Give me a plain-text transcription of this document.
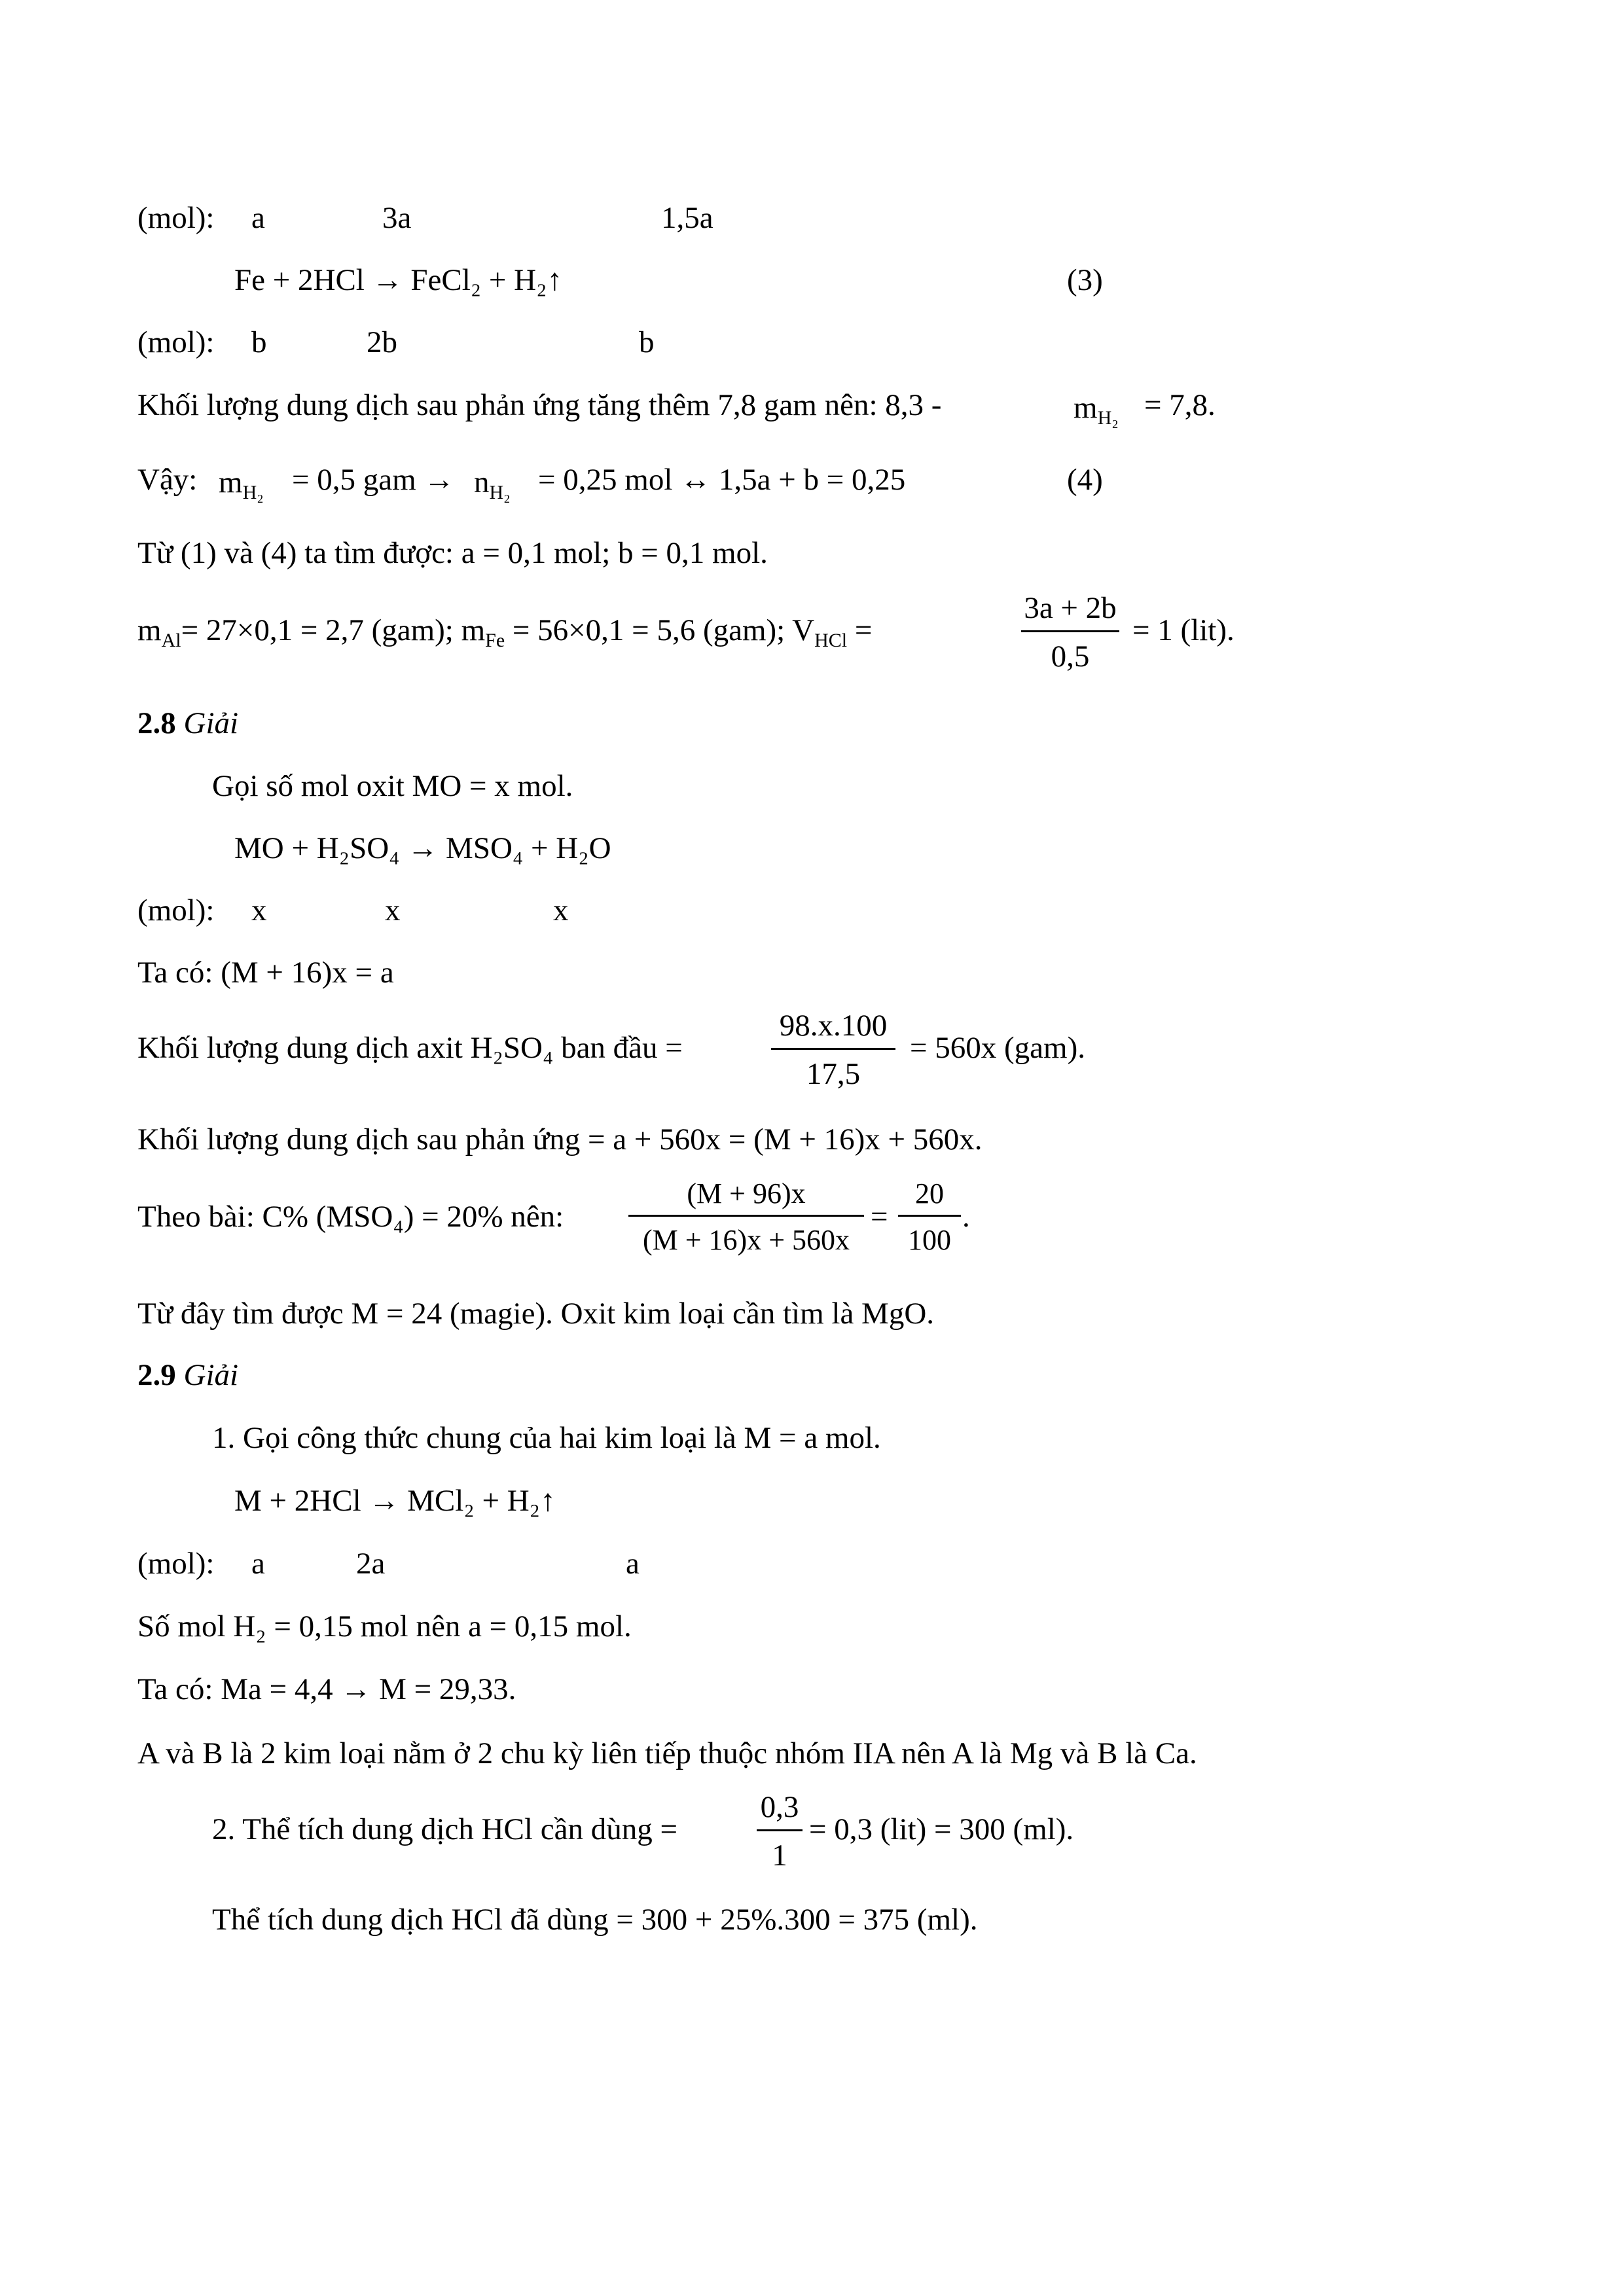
(mol): a	3a	1,5a
Fe + 2HCl → FeCl₂ + H₂↑	(3)
(mol): b	2b	b
Khối lượng dung dịch sau phản ứng tăng thêm 7,8 gam nên: 8,3 -	$m_{H_2} = 7,8$.
Vậy: $m_{H_2} = 0,5$ gam → $n_{H_2} = 0,25$ mol ↔ 1,5a + b = 0,25	(4)
Từ (1) và (4) ta tìm được: a = 0,1 mol; b = 0,1 mol.
$m_{Al}= 27\times 0,1 = 2,7$ (gam); $m_{Fe} = 56\times 0,1 = 5,6$ (gam); $V_{HCl}$ =
3a + 2b
0,5
= 1 (lit).
2.8 Giải
Gọi số mol oxit MO = x mol.
MO + H₂SO₄ → MSO₄ + H₂O
(mol): x	x	x
Ta có: (M + 16)x = a
Khối lượng dung dịch axit H₂SO₄ ban đầu =
98.x.100
17,5
= 560x (gam).
Khối lượng dung dịch sau phản ứng = a + 560x = (M + 16)x + 560x.
Theo bài: C% (MSO₄) = 20% nên:
(M + 96)x
(M + 16)x + 560x
=
20
100
.
Từ đây tìm được M = 24 (magie). Oxit kim loại cần tìm là MgO.
2.9 Giải
1. Gọi công thức chung của hai kim loại là M = a mol.
M + 2HCl → MCl₂ + H₂↑
(mol): a	2a	a
Số mol H₂ = 0,15 mol nên a = 0,15 mol.
Ta có: Ma = 4,4 → M = 29,33.
A và B là 2 kim loại nằm ở 2 chu kỳ liên tiếp thuộc nhóm IIA nên A là Mg và B là Ca.
2. Thể tích dung dịch HCl cần dùng =
0,3
1
= 0,3 (lit) = 300 (ml).
Thể tích dung dịch HCl đã dùng = 300 + 25%.300 = 375 (ml).
